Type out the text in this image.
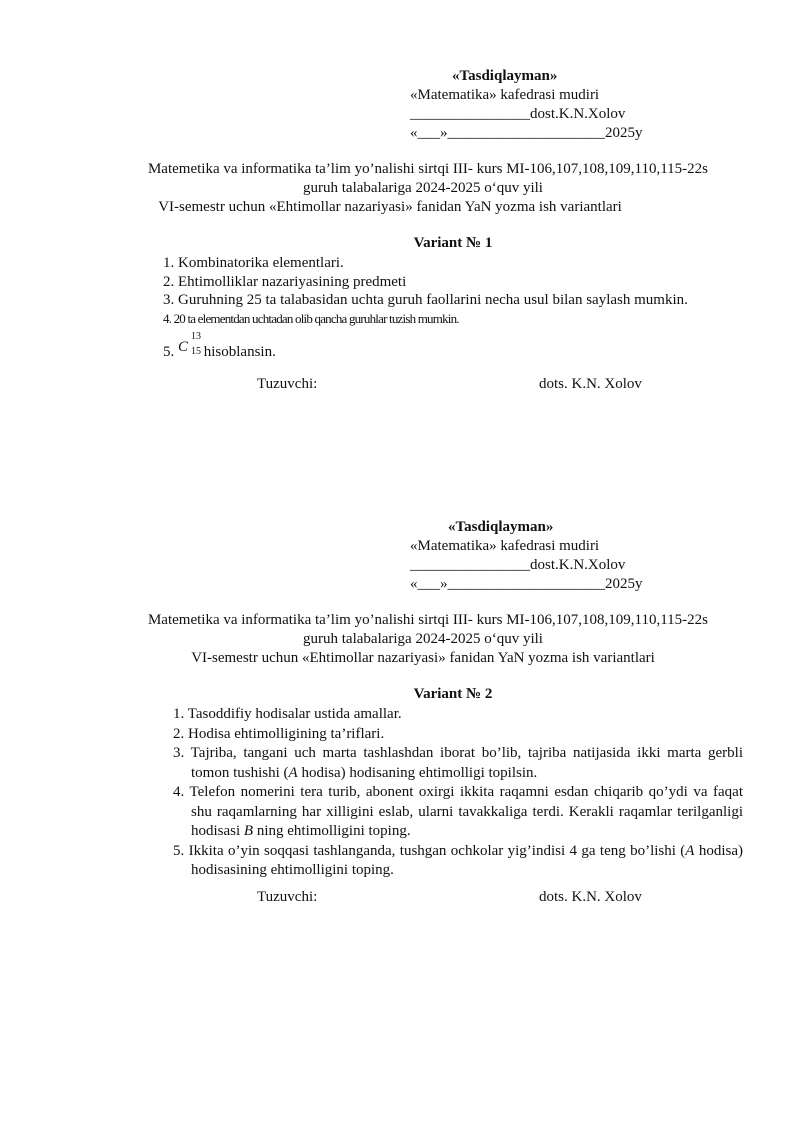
«Tasdiqlayman»
«Matematika» kafedrasi mudiri
________________dost.K.N.Xolov
«___»_____________________2025y
Matemetika va informatika ta’lim yo’nalishi sirtqi III- kurs MI-106,107,108,109,110,115-22s
guruh talabalariga 2024-2025 o‘quv yili
VI-semestr uchun «Ehtimollar nazariyasi» fanidan YaN yozma ish variantlari
Variant № 1
1. Kombinatorika elementlari.
2. Ehtimolliklar nazariyasining predmeti
3. Guruhning 25 ta talabasidan uchta guruh faollarini necha usul bilan saylash mumkin.
4. 20 ta elementdan uchtadan olib qancha guruhlar tuzish mumkin.
5. C
13
15 hisoblansin.
Tuzuvchi:	dots. K.N. Xolov
«Tasdiqlayman»
«Matematika» kafedrasi mudiri
________________dost.K.N.Xolov
«___»_____________________2025y
Matemetika va informatika ta’lim yo’nalishi sirtqi III- kurs MI-106,107,108,109,110,115-22s
guruh talabalariga 2024-2025 o‘quv yili
VI-semestr uchun «Ehtimollar nazariyasi» fanidan YaN yozma ish variantlari
Variant № 2
1. Tasoddifiy hodisalar ustida amallar.
2. Hodisa ehtimolligining ta’riflari.
3. Tajriba, tangani uch marta tashlashdan iborat bo’lib, tajriba natijasida ikki marta gerbli tomon tushishi (A hodisa) hodisaning ehtimolligi topilsin.
4. Telefon nomerini tera turib, abonent oxirgi ikkita raqamni esdan chiqarib qo’ydi va faqat shu raqamlarning har xilligini eslab, ularni tavakkaliga terdi. Kerakli raqamlar terilganligi hodisasi B ning ehtimolligini toping.
5. Ikkita o’yin soqqasi tashlanganda, tushgan ochkolar yig’indisi 4 ga teng bo’lishi (A hodisa) hodisasining ehtimolligini toping.
Tuzuvchi:	dots. K.N. Xolov
